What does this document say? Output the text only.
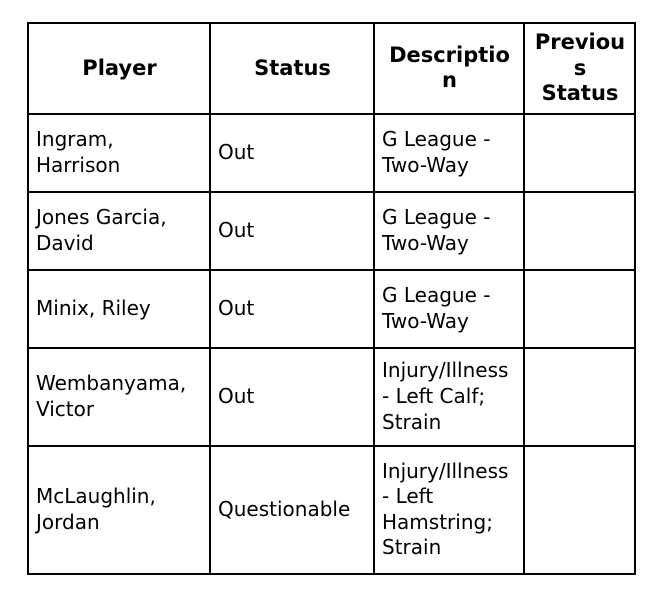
Player	Status	Description	Previous Status
Ingram, Harrison	Out	G League - Two-Way	
Jones Garcia, David	Out	G League - Two-Way	
Minix, Riley	Out	G League - Two-Way	
Wembanyama, Victor	Out	Injury/Illness - Left Calf; Strain	
McLaughlin, Jordan	Questionable	Injury/Illness - Left Hamstring; Strain	
